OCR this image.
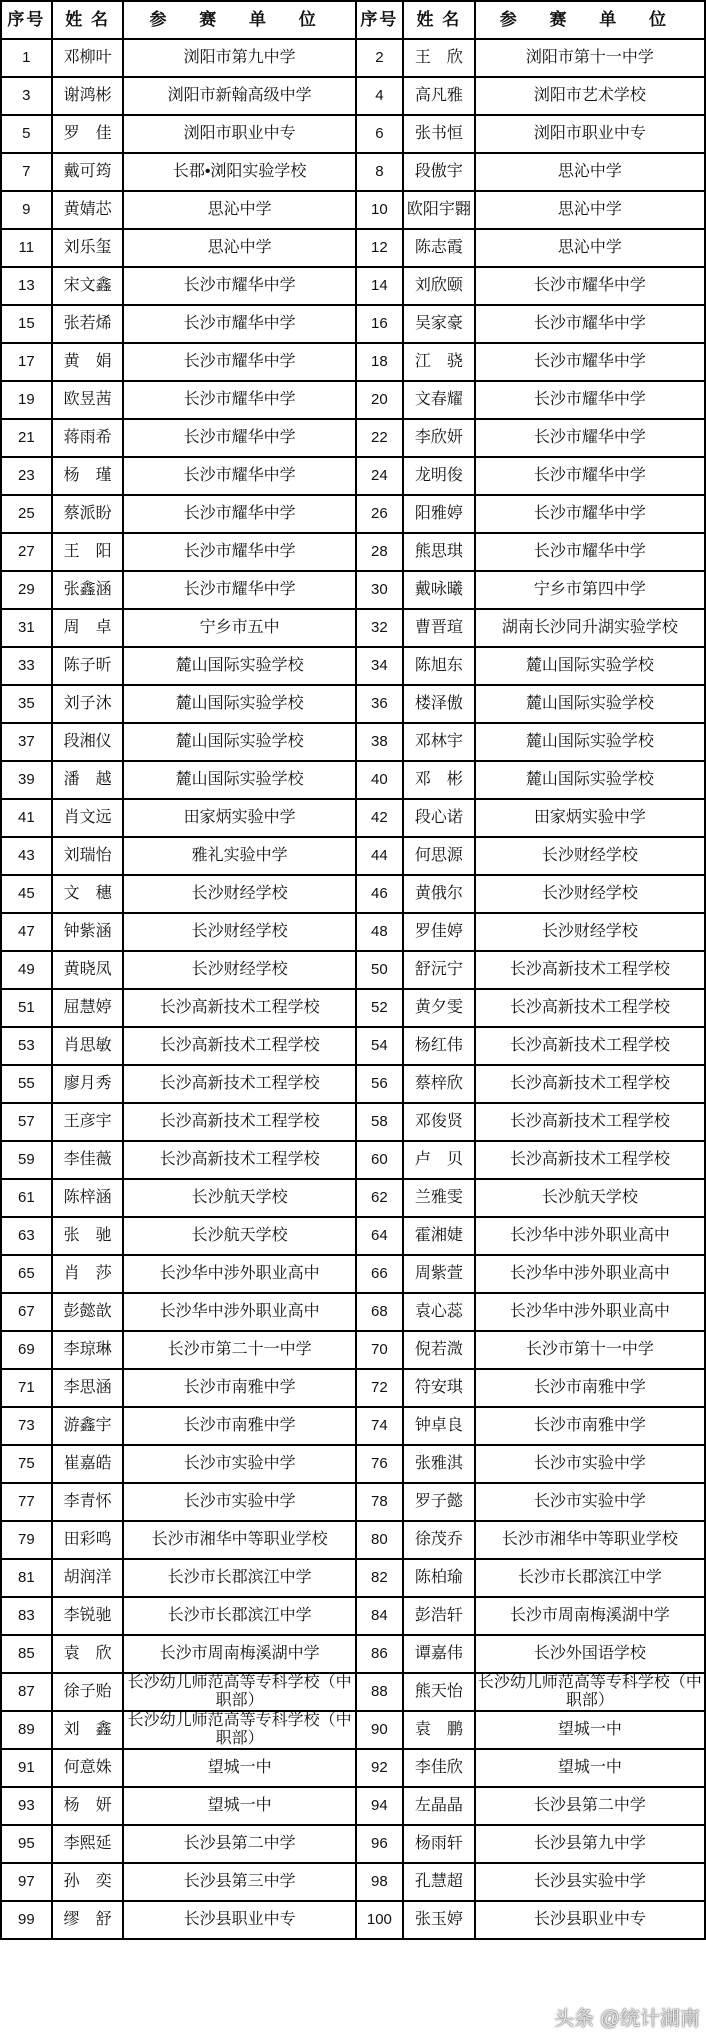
序号	姓 名	参 赛 单 位	序号	姓 名	参 赛 单 位
1	邓柳叶	浏阳市第九中学	2	王　欣	浏阳市第十一中学
3	谢鸿彬	浏阳市新翰高级中学	4	高凡雅	浏阳市艺术学校
5	罗　佳	浏阳市职业中专	6	张书恒	浏阳市职业中专
7	戴可筠	长郡•浏阳实验学校	8	段傲宇	思沁中学
9	黄婧芯	思沁中学	10	欧阳宇翾	思沁中学
11	刘乐玺	思沁中学	12	陈志霞	思沁中学
13	宋文鑫	长沙市耀华中学	14	刘欣颐	长沙市耀华中学
15	张若烯	长沙市耀华中学	16	吴家豪	长沙市耀华中学
17	黄　娟	长沙市耀华中学	18	江　骁	长沙市耀华中学
19	欧昱茜	长沙市耀华中学	20	文春耀	长沙市耀华中学
21	蒋雨希	长沙市耀华中学	22	李欣妍	长沙市耀华中学
23	杨　瑾	长沙市耀华中学	24	龙明俊	长沙市耀华中学
25	蔡派盼	长沙市耀华中学	26	阳雅婷	长沙市耀华中学
27	王　阳	长沙市耀华中学	28	熊思琪	长沙市耀华中学
29	张鑫涵	长沙市耀华中学	30	戴咏曦	宁乡市第四中学
31	周　卓	宁乡市五中	32	曹晋瑄	湖南长沙同升湖实验学校
33	陈子昕	麓山国际实验学校	34	陈旭东	麓山国际实验学校
35	刘子沐	麓山国际实验学校	36	楼泽傲	麓山国际实验学校
37	段湘仪	麓山国际实验学校	38	邓林宇	麓山国际实验学校
39	潘　越	麓山国际实验学校	40	邓　彬	麓山国际实验学校
41	肖文远	田家炳实验中学	42	段心诺	田家炳实验中学
43	刘瑞怡	雅礼实验中学	44	何思源	长沙财经学校
45	文　穗	长沙财经学校	46	黄俄尔	长沙财经学校
47	钟紫涵	长沙财经学校	48	罗佳婷	长沙财经学校
49	黄晓凤	长沙财经学校	50	舒沅宁	长沙高新技术工程学校
51	屈慧婷	长沙高新技术工程学校	52	黄夕雯	长沙高新技术工程学校
53	肖思敏	长沙高新技术工程学校	54	杨红伟	长沙高新技术工程学校
55	廖月秀	长沙高新技术工程学校	56	蔡梓欣	长沙高新技术工程学校
57	王彦宇	长沙高新技术工程学校	58	邓俊贤	长沙高新技术工程学校
59	李佳薇	长沙高新技术工程学校	60	卢　贝	长沙高新技术工程学校
61	陈梓涵	长沙航天学校	62	兰雅雯	长沙航天学校
63	张　驰	长沙航天学校	64	霍湘婕	长沙华中涉外职业高中
65	肖　莎	长沙华中涉外职业高中	66	周紫萱	长沙华中涉外职业高中
67	彭懿歆	长沙华中涉外职业高中	68	袁心蕊	长沙华中涉外职业高中
69	李琼琳	长沙市第二十一中学	70	倪若溦	长沙市第十一中学
71	李思涵	长沙市南雅中学	72	符安琪	长沙市南雅中学
73	游鑫宇	长沙市南雅中学	74	钟卓良	长沙市南雅中学
75	崔嘉皓	长沙市实验中学	76	张雅淇	长沙市实验中学
77	李青怀	长沙市实验中学	78	罗子懿	长沙市实验中学
79	田彩鸣	长沙市湘华中等职业学校	80	徐茂乔	长沙市湘华中等职业学校
81	胡润洋	长沙市长郡滨江中学	82	陈柏瑜	长沙市长郡滨江中学
83	李锐驰	长沙市长郡滨江中学	84	彭浩轩	长沙市周南梅溪湖中学
85	袁　欣	长沙市周南梅溪湖中学	86	谭嘉伟	长沙外国语学校
87	徐子贻	长沙幼儿师范高等专科学校（中职部）	88	熊天怡	长沙幼儿师范高等专科学校（中职部）
89	刘　鑫	长沙幼儿师范高等专科学校（中职部）	90	袁　鹏	望城一中
91	何意姝	望城一中	92	李佳欣	望城一中
93	杨　妍	望城一中	94	左晶晶	长沙县第二中学
95	李熙延	长沙县第二中学	96	杨雨轩	长沙县第九中学
97	孙　奕	长沙县第三中学	98	孔慧超	长沙县实验中学
99	缪　舒	长沙县职业中专	100	张玉婷	长沙县职业中专
头条 @统计湖南
